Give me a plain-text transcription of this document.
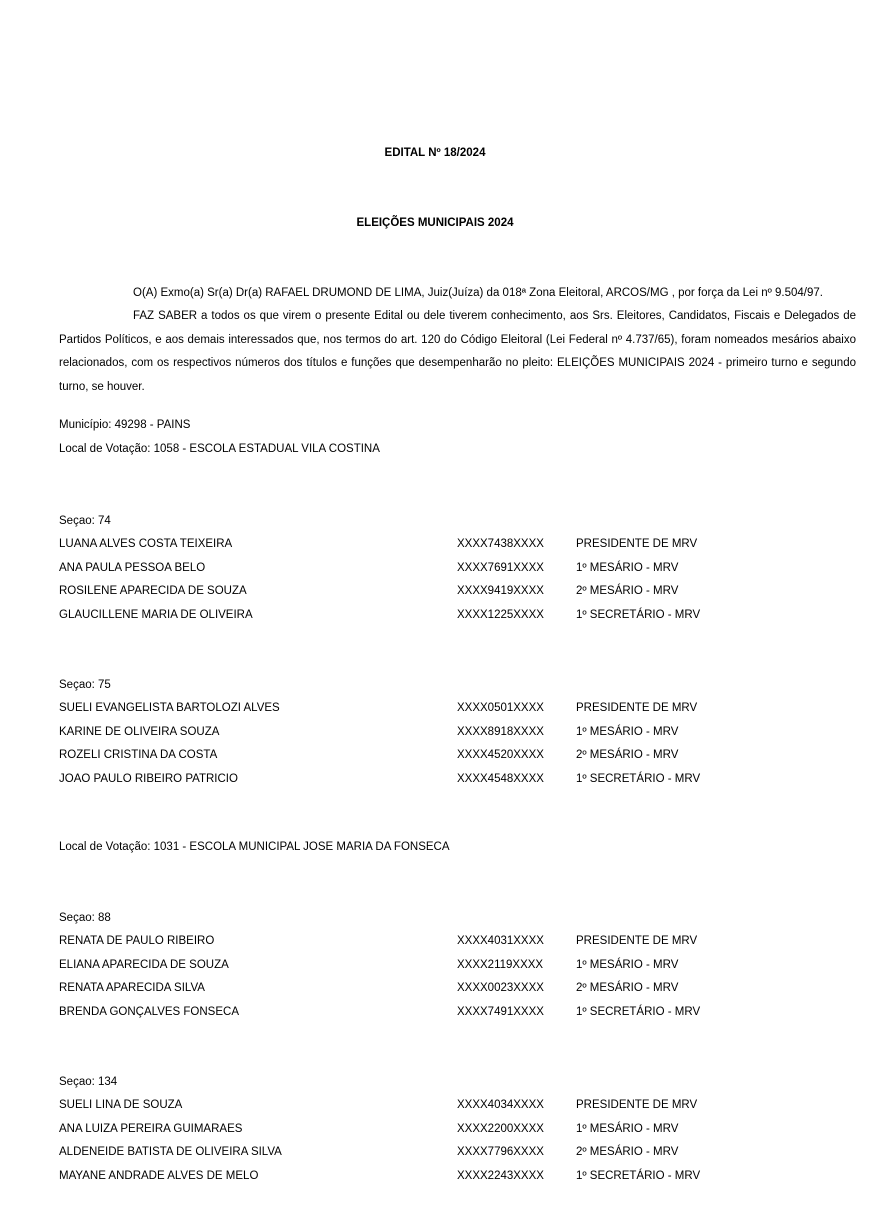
EDITAL Nº 18/2024
ELEIÇÕES MUNICIPAIS 2024

O(A) Exmo(a) Sr(a) Dr(a) RAFAEL DRUMOND DE LIMA, Juiz(Juíza) da 018ª Zona Eleitoral, ARCOS/MG , por força da Lei nº 9.504/97.

FAZ SABER a todos os que virem o presente Edital ou dele tiverem conhecimento, aos Srs. Eleitores, Candidatos, Fiscais e Delegados de Partidos Políticos, e aos demais interessados que, nos termos do art. 120 do Código Eleitoral (Lei Federal nº 4.737/65), foram nomeados mesários abaixo relacionados, com os respectivos números dos títulos e funções que desempenharão no pleito: ELEIÇÕES MUNICIPAIS 2024 - primeiro turno e segundo turno, se houver.

Município: 49298 - PAINS
Local de Votação: 1058 - ESCOLA ESTADUAL VILA COSTINA
Seçao: 74
LUANA ALVES COSTA TEIXEIRA	XXXX7438XXXX	PRESIDENTE DE MRV
ANA PAULA PESSOA BELO	XXXX7691XXXX	1º MESÁRIO - MRV
ROSILENE APARECIDA DE SOUZA	XXXX9419XXXX	2º MESÁRIO - MRV
GLAUCILLENE MARIA DE OLIVEIRA	XXXX1225XXXX	1º SECRETÁRIO - MRV
Seçao: 75
SUELI EVANGELISTA BARTOLOZI ALVES	XXXX0501XXXX	PRESIDENTE DE MRV
KARINE DE OLIVEIRA SOUZA	XXXX8918XXXX	1º MESÁRIO - MRV
ROZELI CRISTINA DA COSTA	XXXX4520XXXX	2º MESÁRIO - MRV
JOAO PAULO RIBEIRO PATRICIO	XXXX4548XXXX	1º SECRETÁRIO - MRV
Local de Votação: 1031 - ESCOLA MUNICIPAL JOSE MARIA DA FONSECA
Seçao: 88
RENATA DE PAULO RIBEIRO	XXXX4031XXXX	PRESIDENTE DE MRV
ELIANA APARECIDA DE SOUZA	XXXX2119XXXX	1º MESÁRIO - MRV
RENATA APARECIDA SILVA	XXXX0023XXXX	2º MESÁRIO - MRV
BRENDA GONÇALVES FONSECA	XXXX7491XXXX	1º SECRETÁRIO - MRV
Seçao: 134
SUELI LINA DE SOUZA	XXXX4034XXXX	PRESIDENTE DE MRV
ANA LUIZA PEREIRA GUIMARAES	XXXX2200XXXX	1º MESÁRIO - MRV
ALDENEIDE BATISTA DE OLIVEIRA SILVA	XXXX7796XXXX	2º MESÁRIO - MRV
MAYANE ANDRADE ALVES DE MELO	XXXX2243XXXX	1º SECRETÁRIO - MRV
